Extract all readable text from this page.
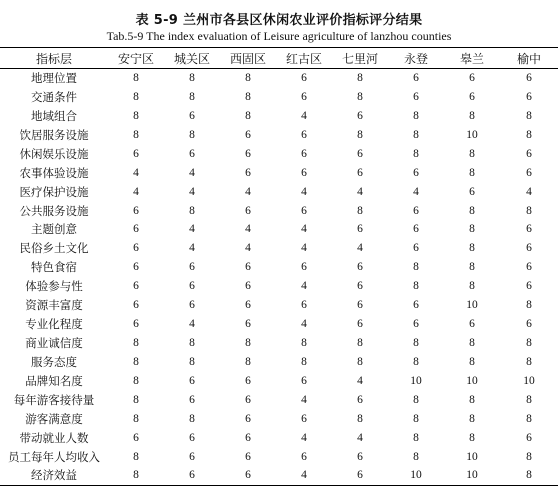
表 5-9 兰州市各县区休闲农业评价指标评分结果
Tab.5-9 The index evaluation of Leisure agriculture of lanzhou counties
指标层	安宁区	城关区	西固区	红古区	七里河	永登	皋兰	榆中
地理位置	8	8	8	6	8	6	6	6
交通条件	8	8	8	6	8	6	6	6
地域组合	8	6	8	4	6	8	8	8
饮居服务设施	8	8	6	6	8	8	10	8
休闲娱乐设施	6	6	6	6	6	8	8	6
农事体验设施	4	4	6	6	6	6	8	6
医疗保护设施	4	4	4	4	4	4	6	4
公共服务设施	6	8	6	6	8	6	8	8
主题创意	6	4	4	4	6	6	8	6
民俗乡土文化	6	4	4	4	4	6	8	6
特色食宿	6	6	6	6	6	8	8	6
体验参与性	6	6	6	4	6	8	8	6
资源丰富度	6	6	6	6	6	6	10	8
专业化程度	6	4	6	4	6	6	6	6
商业诚信度	8	8	8	8	8	8	8	8
服务态度	8	8	8	8	8	8	8	8
品牌知名度	8	6	6	6	4	10	10	10
每年游客接待量	8	6	6	4	6	8	8	8
游客满意度	8	8	6	6	8	8	8	8
带动就业人数	6	6	6	4	4	8	8	6
员工每年人均收入	8	6	6	6	6	8	10	8
经济效益	8	6	6	4	6	10	10	8
